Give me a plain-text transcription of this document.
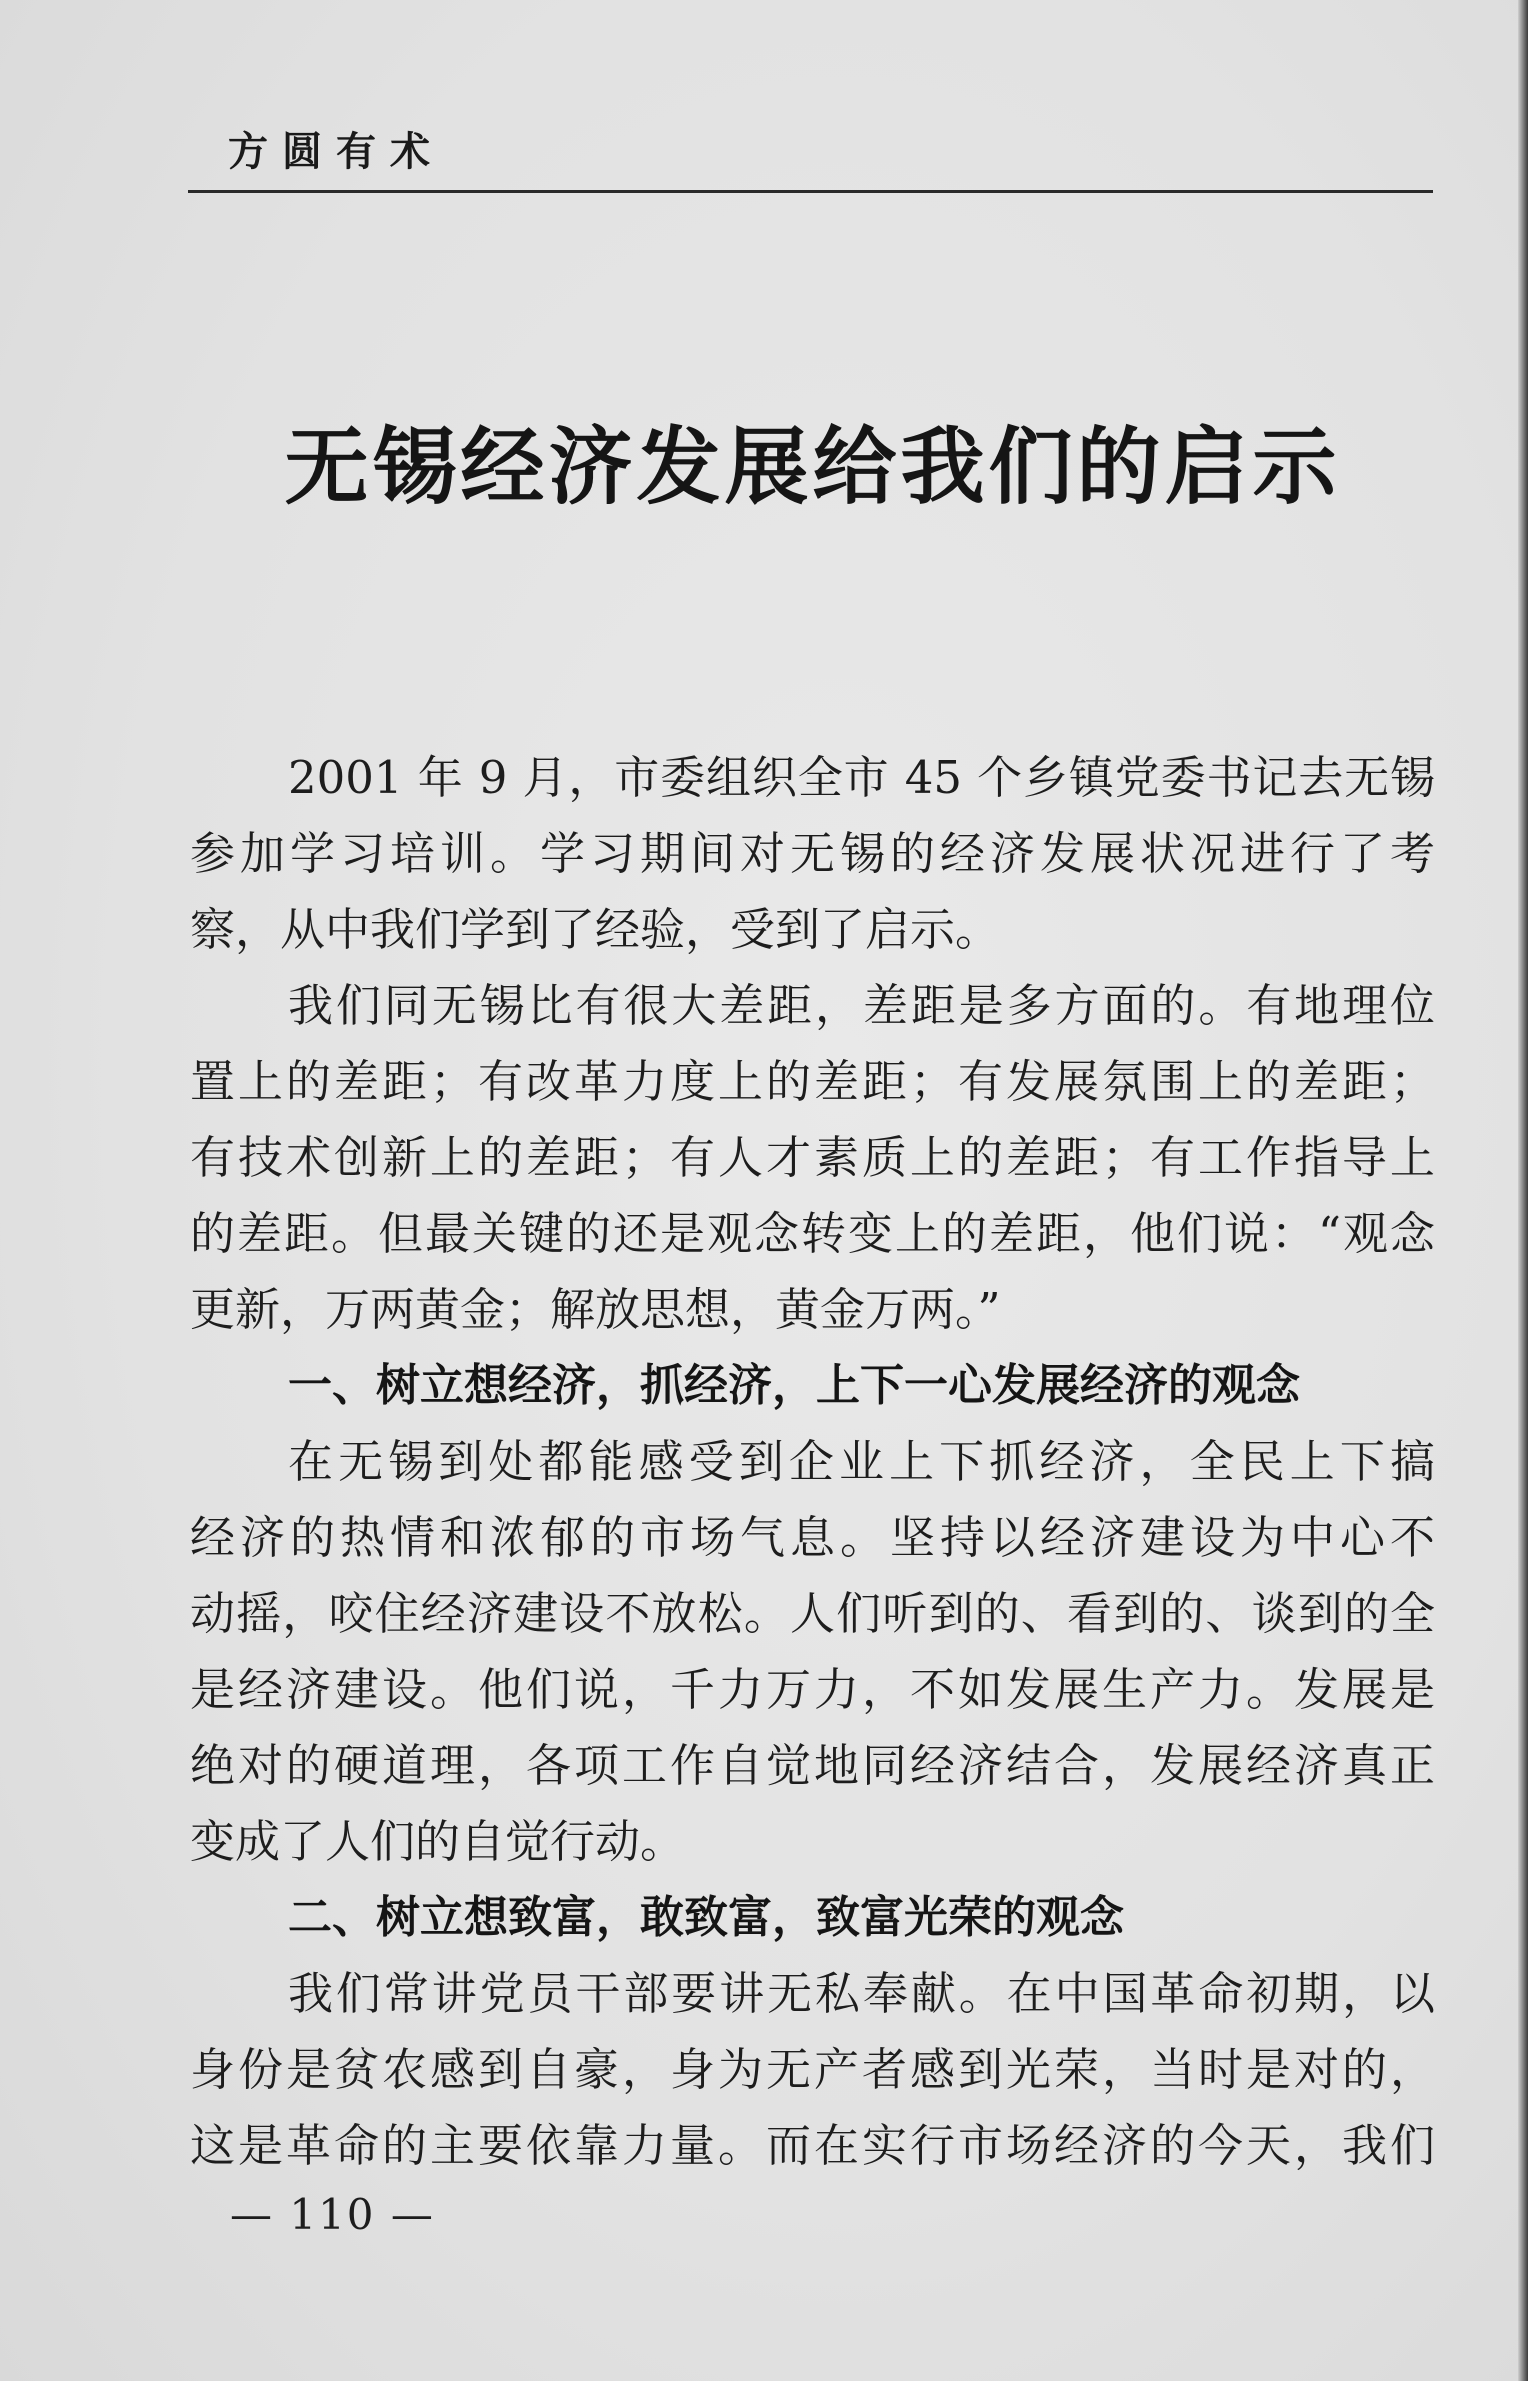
方圆有术
无锡经济发展给我们的启示
2001 年 9 月，市委组织全市 45 个乡镇党委书记去无锡
参加学习培训。学习期间对无锡的经济发展状况进行了考
察，从中我们学到了经验，受到了启示。
我们同无锡比有很大差距，差距是多方面的。有地理位
置上的差距；有改革力度上的差距；有发展氛围上的差距；
有技术创新上的差距；有人才素质上的差距；有工作指导上
的差距。但最关键的还是观念转变上的差距，他们说：“观念
更新，万两黄金；解放思想，黄金万两。”
一、树立想经济，抓经济，上下一心发展经济的观念
在无锡到处都能感受到企业上下抓经济，全民上下搞
经济的热情和浓郁的市场气息。坚持以经济建设为中心不
动摇，咬住经济建设不放松。人们听到的、看到的、谈到的全
是经济建设。他们说，千力万力，不如发展生产力。发展是
绝对的硬道理，各项工作自觉地同经济结合，发展经济真正
变成了人们的自觉行动。
二、树立想致富，敢致富，致富光荣的观念
我们常讲党员干部要讲无私奉献。在中国革命初期，以
身份是贫农感到自豪，身为无产者感到光荣，当时是对的，
这是革命的主要依靠力量。而在实行市场经济的今天，我们
— 110 —
